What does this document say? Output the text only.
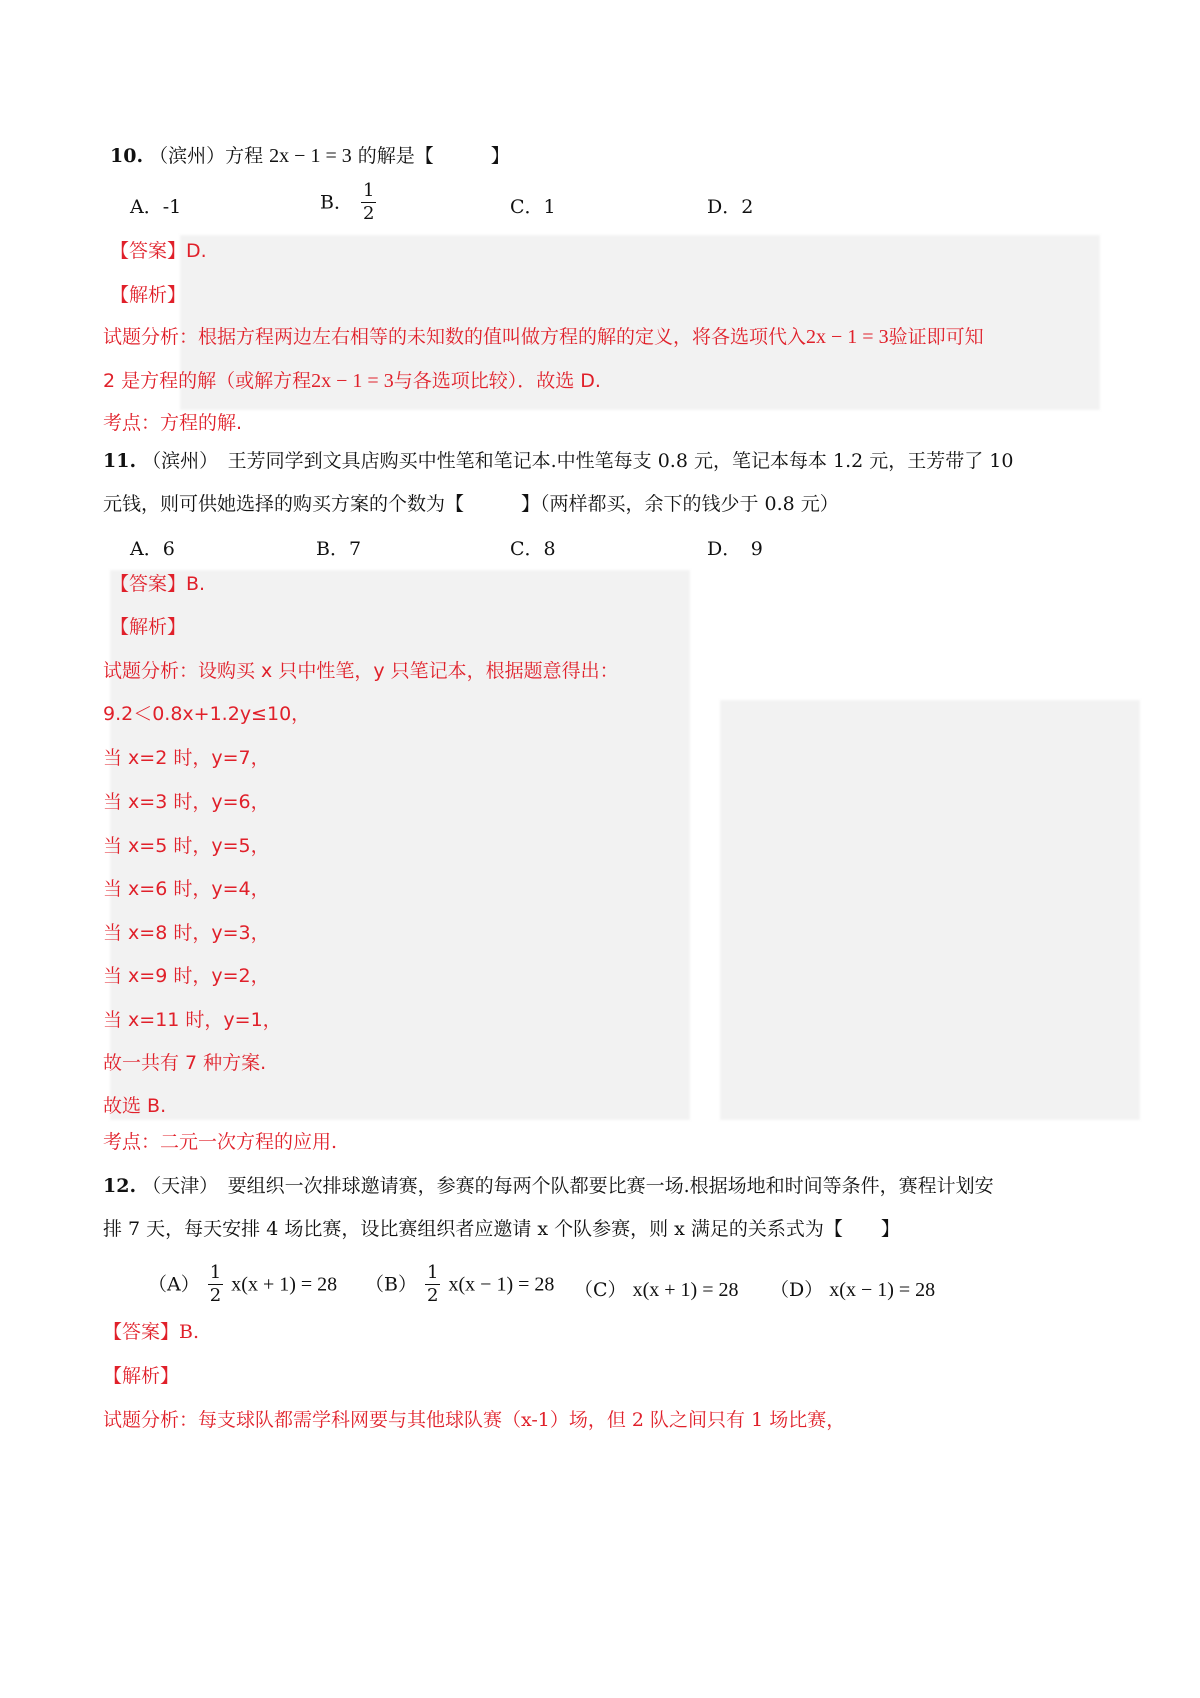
10. （滨州）方程 2x − 1 = 3 的解是【　　　】
A．-1	B． $\frac{1}{2}$	C．1	D．2
【答案】D.
【解析】
试题分析：根据方程两边左右相等的未知数的值叫做方程的解的定义，将各选项代入2x − 1 = 3验证即可知
2 是方程的解（或解方程2x − 1 = 3与各选项比较）．故选 D.
考点：方程的解.
11. （滨州）　王芳同学到文具店购买中性笔和笔记本.中性笔每支 0.8 元，笔记本每本 1.2 元，王芳带了 10
元钱，则可供她选择的购买方案的个数为【　　　】（两样都买，余下的钱少于 0.8 元）
A．6	B．7	C．8	D．　9
【答案】B.
【解析】
试题分析：设购买 x 只中性笔，y 只笔记本，根据题意得出：
9.2＜0.8x+1.2y≤10，
当 x=2 时，y=7，
当 x=3 时，y=6，
当 x=5 时，y=5，
当 x=6 时，y=4，
当 x=8 时，y=3，
当 x=9 时，y=2，
当 x=11 时，y=1，
故一共有 7 种方案.
故选 B.
考点：二元一次方程的应用.
12. （天津）　要组织一次排球邀请赛，参赛的每两个队都要比赛一场.根据场地和时间等条件，赛程计划安
排 7 天，每天安排 4 场比赛，设比赛组织者应邀请 x 个队参赛，则 x 满足的关系式为【　　】
$(A) \frac{1}{2} x(x + 1) = 28$ $(B) \frac{1}{2} x(x - 1) = 28$ （C） x(x + 1) = 28 （D） x(x − 1) = 28
【答案】B.
【解析】
试题分析：每支球队都需学科网要与其他球队赛（x-1）场，但 2 队之间只有 1 场比赛，
